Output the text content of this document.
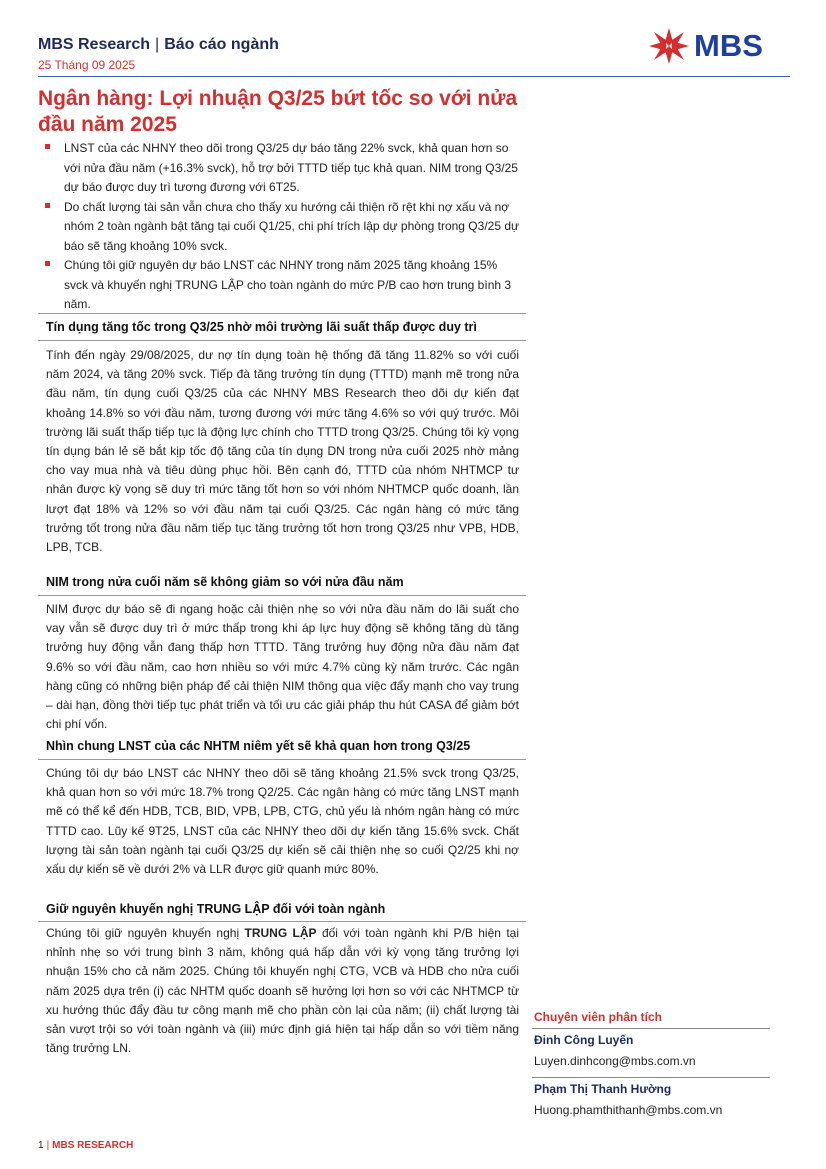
MBS Research | Báo cáo ngành
25 Tháng 09 2025
MBS
Ngân hàng: Lợi nhuận Q3/25 bứt tốc so với nửa đầu năm 2025
LNST của các NHNY theo dõi trong Q3/25 dự báo tăng 22% svck, khả quan hơn so với nửa đầu năm (+16.3% svck), hỗ trợ bởi TTTD tiếp tục khả quan. NIM trong Q3/25 dự báo được duy trì tương đương với 6T25.
Do chất lượng tài sản vẫn chưa cho thấy xu hướng cải thiện rõ rệt khi nợ xấu và nợ nhóm 2 toàn ngành bật tăng tại cuối Q1/25, chi phí trích lập dự phòng trong Q3/25 dự báo sẽ tăng khoảng 10% svck.
Chúng tôi giữ nguyên dự báo LNST các NHNY trong năm 2025 tăng khoảng 15% svck và khuyến nghị TRUNG LẬP cho toàn ngành do mức P/B cao hơn trung bình 3 năm.
Tín dụng tăng tốc trong Q3/25 nhờ môi trường lãi suất thấp được duy trì

Tính đến ngày 29/08/2025, dư nợ tín dụng toàn hệ thống đã tăng 11.82% so với cuối năm 2024, và tăng 20% svck. Tiếp đà tăng trưởng tín dụng (TTTD) mạnh mẽ trong nửa đầu năm, tín dụng cuối Q3/25 của các NHNY MBS Research theo dõi dự kiến đạt khoảng 14.8% so với đầu năm, tương đương với mức tăng 4.6% so với quý trước. Môi trường lãi suất thấp tiếp tục là động lực chính cho TTTD trong Q3/25. Chúng tôi kỳ vọng tín dụng bán lẻ sẽ bắt kịp tốc độ tăng của tín dụng DN trong nửa cuối 2025 nhờ mảng cho vay mua nhà và tiêu dùng phục hồi. Bên cạnh đó, TTTD của nhóm NHTMCP tư nhân được kỳ vọng sẽ duy trì mức tăng tốt hơn so với nhóm NHTMCP quốc doanh, lần lượt đạt 18% và 12% so với đầu năm tại cuối Q3/25. Các ngân hàng có mức tăng trưởng tốt trong nửa đầu năm tiếp tục tăng trưởng tốt hơn trong Q3/25 như VPB, HDB, LPB, TCB.

NIM trong nửa cuối năm sẽ không giảm so với nửa đầu năm

NIM được dự báo sẽ đi ngang hoặc cải thiện nhẹ so với nửa đầu năm do lãi suất cho vay vẫn sẽ được duy trì ở mức thấp trong khi áp lực huy động sẽ không tăng dù tăng trưởng huy động vẫn đang thấp hơn TTTD. Tăng trưởng huy động nửa đầu năm đạt 9.6% so với đầu năm, cao hơn nhiều so với mức 4.7% cùng kỳ năm trước. Các ngân hàng cũng có những biện pháp để cải thiện NIM thông qua việc đẩy mạnh cho vay trung – dài hạn, đồng thời tiếp tục phát triển và tối ưu các giải pháp thu hút CASA để giảm bớt chi phí vốn.

Nhìn chung LNST của các NHTM niêm yết sẽ khả quan hơn trong Q3/25

Chúng tôi dự báo LNST các NHNY theo dõi sẽ tăng khoảng 21.5% svck trong Q3/25, khả quan hơn so với mức 18.7% trong Q2/25. Các ngân hàng có mức tăng LNST mạnh mẽ có thể kể đến HDB, TCB, BID, VPB, LPB, CTG, chủ yếu là nhóm ngân hàng có mức TTTD cao. Lũy kế 9T25, LNST của các NHNY theo dõi dự kiến tăng 15.6% svck. Chất lượng tài sản toàn ngành tại cuối Q3/25 dự kiến sẽ cải thiện nhẹ so cuối Q2/25 khi nợ xấu dự kiến sẽ về dưới 2% và LLR được giữ quanh mức 80%.

Giữ nguyên khuyến nghị TRUNG LẬP đối với toàn ngành

Chúng tôi giữ nguyên khuyến nghị TRUNG LẬP đối với toàn ngành khi P/B hiện tại nhỉnh nhẹ so với trung bình 3 năm, không quá hấp dẫn với kỳ vọng tăng trưởng lợi nhuận 15% cho cả năm 2025. Chúng tôi khuyến nghị CTG, VCB và HDB cho nửa cuối năm 2025 dựa trên (i) các NHTM quốc doanh sẽ hưởng lợi hơn so với các NHTMCP từ xu hướng thúc đẩy đầu tư công mạnh mẽ cho phần còn lại của năm; (ii) chất lượng tài sản vượt trội so với toàn ngành và (iii) mức định giá hiện tại hấp dẫn so với tiềm năng tăng trưởng LN.

Chuyên viên phân tích
Đinh Công Luyến
Luyen.dinhcong@mbs.com.vn
Phạm Thị Thanh Hường
Huong.phamthithanh@mbs.com.vn
1 | MBS RESEARCH
